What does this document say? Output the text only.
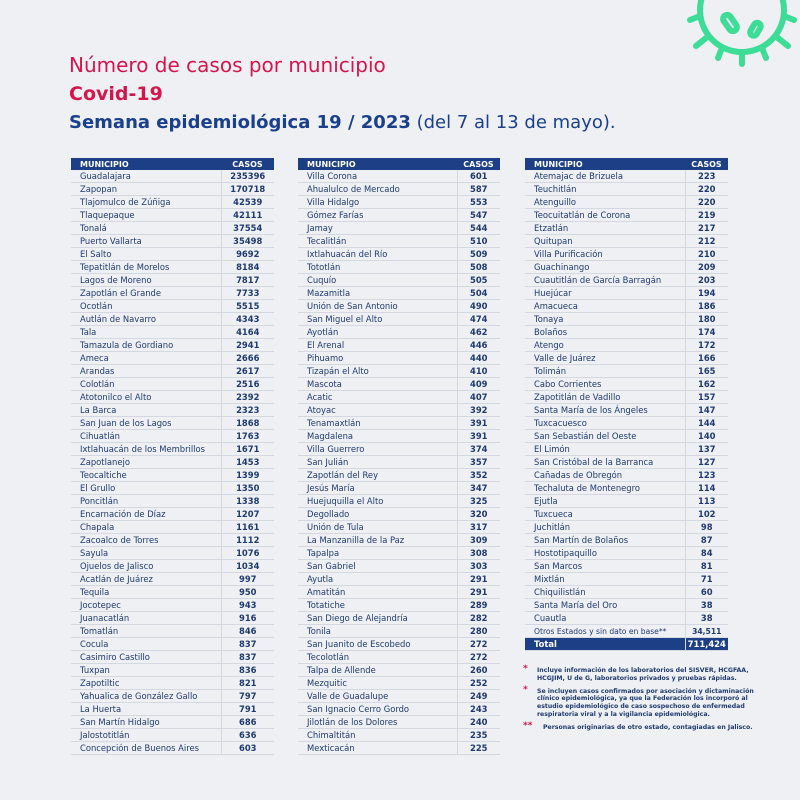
Número de casos por municipio
Covid-19
Semana epidemiológica 19 / 2023 (del 7 al 13 de mayo).
MUNICIPIO	CASOS
Guadalajara	235396
Zapopan	170718
Tlajomulco de Zúñiga	42539
Tlaquepaque	42111
Tonalá	37554
Puerto Vallarta	35498
El Salto	9692
Tepatitlán de Morelos	8184
Lagos de Moreno	7817
Zapotlán el Grande	7733
Ocotlán	5515
Autlán de Navarro	4343
Tala	4164
Tamazula de Gordiano	2941
Ameca	2666
Arandas	2617
Colotlán	2516
Atotonilco el Alto	2392
La Barca	2323
San Juan de los Lagos	1868
Cihuatlán	1763
Ixtlahuacán de los Membrillos	1671
Zapotlanejo	1453
Teocaltiche	1399
El Grullo	1350
Poncitlán	1338
Encarnación de Díaz	1207
Chapala	1161
Zacoalco de Torres	1112
Sayula	1076
Ojuelos de Jalisco	1034
Acatlán de Juárez	997
Tequila	950
Jocotepec	943
Juanacatlán	916
Tomatlán	846
Cocula	837
Casimiro Castillo	837
Tuxpan	836
Zapotiltic	821
Yahualica de González Gallo	797
La Huerta	791
San Martín Hidalgo	686
Jalostotitlán	636
Concepción de Buenos Aires	603
MUNICIPIO	CASOS
Villa Corona	601
Ahualulco de Mercado	587
Villa Hidalgo	553
Gómez Farías	547
Jamay	544
Tecalitlán	510
Ixtlahuacán del Río	509
Tototlán	508
Cuquío	505
Mazamitla	504
Unión de San Antonio	490
San Miguel el Alto	474
Ayotlán	462
El Arenal	446
Pihuamo	440
Tizapán el Alto	410
Mascota	409
Acatic	407
Atoyac	392
Tenamaxtlán	391
Magdalena	391
Villa Guerrero	374
San Julián	357
Zapotlán del Rey	352
Jesús María	347
Huejuquilla el Alto	325
Degollado	320
Unión de Tula	317
La Manzanilla de la Paz	309
Tapalpa	308
San Gabriel	303
Ayutla	291
Amatitán	291
Totatiche	289
San Diego de Alejandría	282
Tonila	280
San Juanito de Escobedo	272
Tecolotlán	272
Talpa de Allende	260
Mezquitic	252
Valle de Guadalupe	249
San Ignacio Cerro Gordo	243
Jilotlán de los Dolores	240
Chimaltitán	235
Mexticacán	225
MUNICIPIO	CASOS
Atemajac de Brizuela	223
Teuchitlán	220
Atenguillo	220
Teocuitatlán de Corona	219
Etzatlán	217
Quitupan	212
Villa Purificación	210
Guachinango	209
Cuautitlán de García Barragán	203
Huejúcar	194
Amacueca	186
Tonaya	180
Bolaños	174
Atengo	172
Valle de Juárez	166
Tolimán	165
Cabo Corrientes	162
Zapotitlán de Vadillo	157
Santa María de los Ángeles	147
Tuxcacuesco	144
San Sebastián del Oeste	140
El Limón	137
San Cristóbal de la Barranca	127
Cañadas de Obregón	123
Techaluta de Montenegro	114
Ejutla	113
Tuxcueca	102
Juchitlán	98
San Martín de Bolaños	87
Hostotipaquillo	84
San Marcos	81
Mixtlán	71
Chiquilistlán	60
Santa María del Oro	38
Cuautla	38
Otros Estados y sin dato en base**	34,511
Total	711,424
* Incluye información de los laboratorios del SISVER, HCGFAA, HCGJIM, U de G, laboratorios privados y pruebas rápidas.
* Se incluyen casos confirmados por asociación y dictaminación clínico epidemiológica, ya que la Federación los incorporó al estudio epidemiológico de caso sospechoso de enfermedad respiratoria viral y a la vigilancia epidemiológica.
** Personas originarias de otro estado, contagiadas en Jalisco.
